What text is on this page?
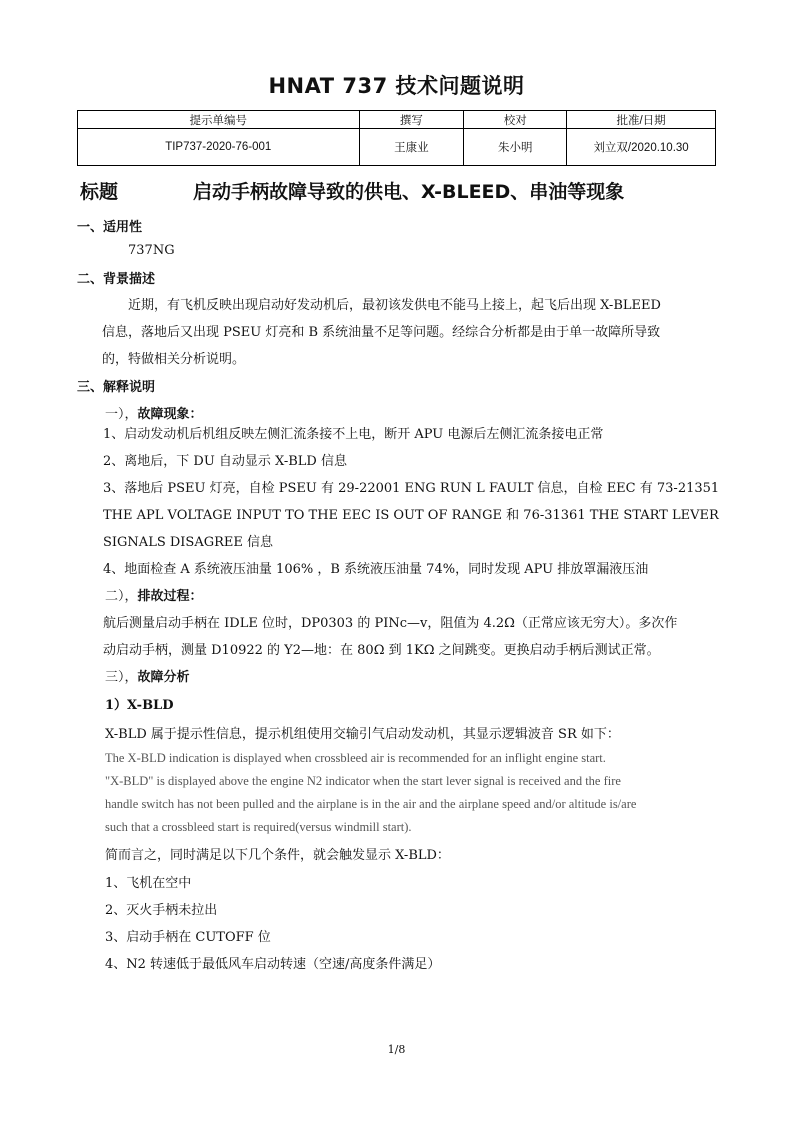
HNAT 737 技术问题说明
提示单编号	撰写	校对	批准/日期
TIP737-2020-76-001	王康业	朱小明	刘立双/2020.10.30
标题	启动手柄故障导致的供电、X-BLEED、串油等现象
一、适用性
737NG
二、背景描述
近期，有飞机反映出现启动好发动机后，最初该发供电不能马上接上，起飞后出现 X-BLEED
信息，落地后又出现 PSEU 灯亮和 B 系统油量不足等问题。经综合分析都是由于单一故障所导致
的，特做相关分析说明。
三、解释说明
一），故障现象：
1、启动发动机后机组反映左侧汇流条接不上电，断开 APU 电源后左侧汇流条接电正常
2、离地后，下 DU 自动显示 X-BLD 信息
3、落地后 PSEU 灯亮，自检 PSEU 有 29-22001 ENG RUN L FAULT 信息，自检 EEC 有 73-21351
THE APL VOLTAGE INPUT TO THE EEC IS OUT OF RANGE 和 76-31361 THE START LEVER
SIGNALS DISAGREE 信息
4、地面检查 A 系统液压油量 106% ，B 系统液压油量 74%，同时发现 APU 排放罩漏液压油
二），排故过程：
航后测量启动手柄在 IDLE 位时，DP0303 的 PINc—v，阻值为 4.2Ω（正常应该无穷大）。多次作
动启动手柄，测量 D10922 的 Y2—地：在 80Ω 到 1KΩ 之间跳变。更换启动手柄后测试正常。
三），故障分析
1）X-BLD
X-BLD 属于提示性信息，提示机组使用交输引气启动发动机，其显示逻辑波音 SR 如下：
The X-BLD indication is displayed when crossbleed air is recommended for an inflight engine start.
"X-BLD" is displayed above the engine N2 indicator when the start lever signal is received and the fire
handle switch has not been pulled and the airplane is in the air and the airplane speed and/or altitude is/are
such that a crossbleed start is required(versus windmill start).
简而言之，同时满足以下几个条件，就会触发显示 X-BLD：
1、飞机在空中
2、灭火手柄未拉出
3、启动手柄在 CUTOFF 位
4、N2 转速低于最低风车启动转速（空速/高度条件满足）
1/8
